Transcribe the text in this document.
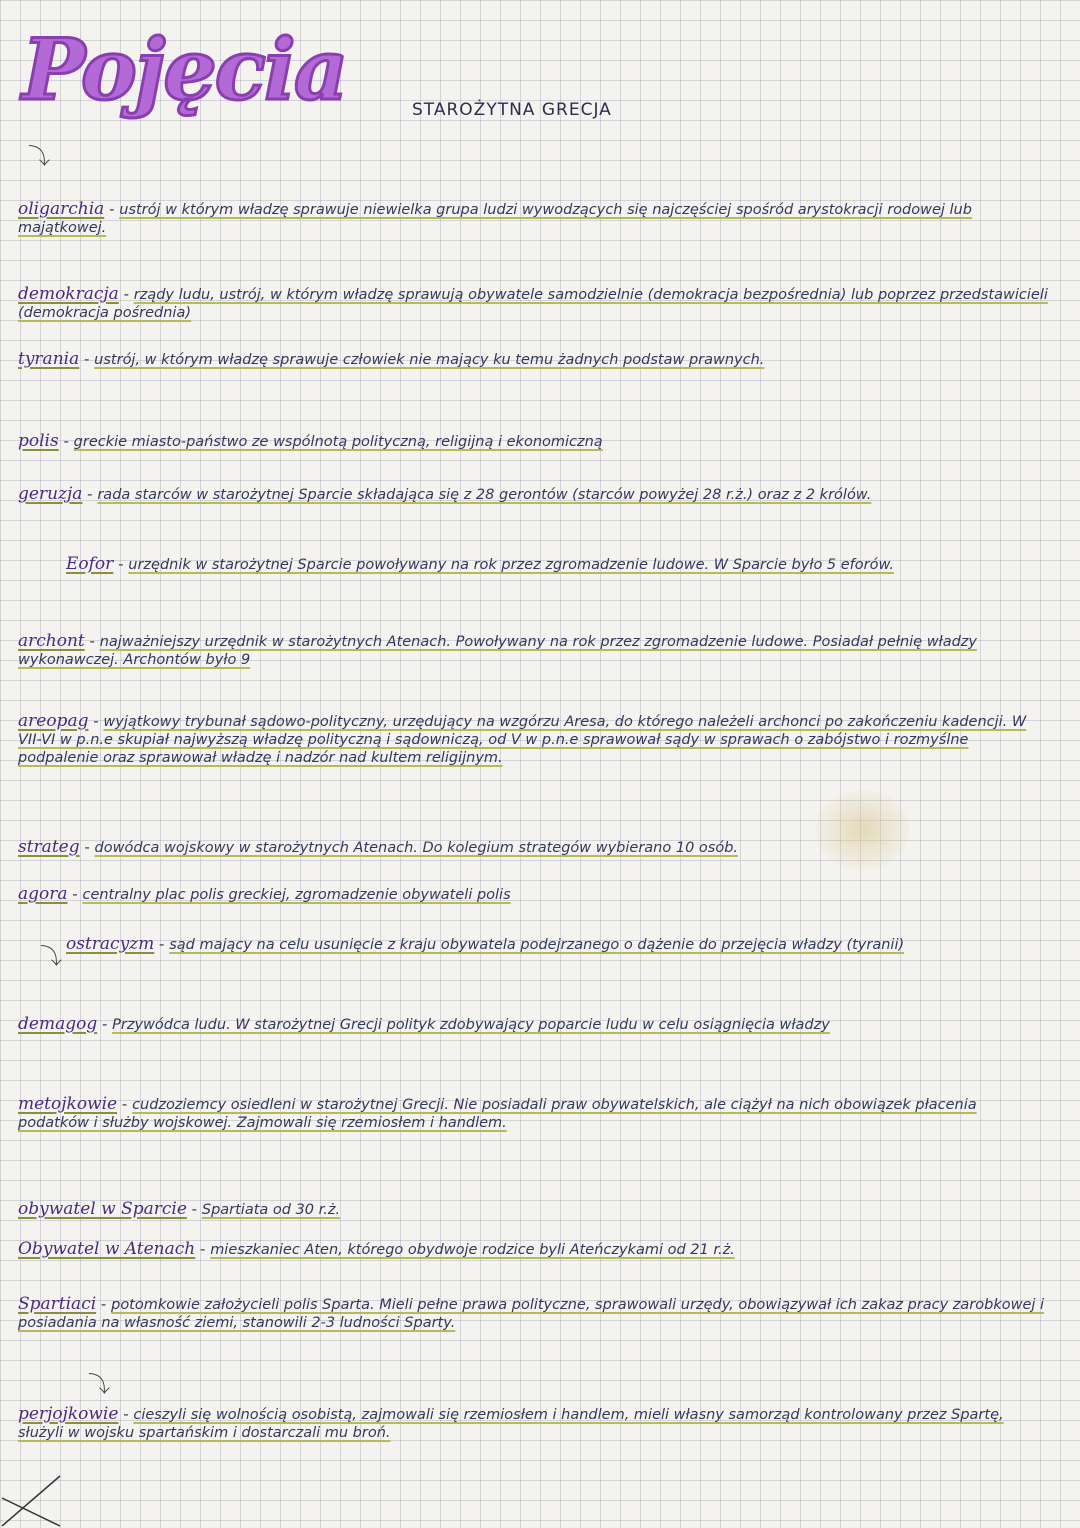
Pojęcia	STAROŻYTNA GRECJA
⤵
oligarchia - ustrój w którym władzę sprawuje niewielka grupa ludzi wywodzących się najczęściej spośród arystokracji rodowej lub majątkowej.
demokracja - rządy ludu, ustrój, w którym władzę sprawują obywatele samodzielnie (demokracja bezpośrednia) lub poprzez przedstawicieli (demokracja pośrednia)
tyrania - ustrój, w którym władzę sprawuje człowiek nie mający ku temu żadnych podstaw prawnych.
polis - greckie miasto-państwo ze wspólnotą polityczną, religijną i ekonomiczną
geruzja - rada starców w starożytnej Sparcie składająca się z 28 gerontów (starców powyżej 28 r.ż.) oraz z 2 królów.
Eofor - urzędnik w starożytnej Sparcie powoływany na rok przez zgromadzenie ludowe. W Sparcie było 5 eforów.
archont - najważniejszy urzędnik w starożytnych Atenach. Powoływany na rok przez zgromadzenie ludowe. Posiadał pełnię władzy wykonawczej. Archontów było 9
areopag - wyjątkowy trybunał sądowo-polityczny, urzędujący na wzgórzu Aresa, do którego należeli archonci po zakończeniu kadencji. W VII-VI w p.n.e skupiał najwyższą władzę polityczną i sądowniczą, od V w p.n.e sprawował sądy w sprawach o zabójstwo i rozmyślne podpalenie oraz sprawował władzę i nadzór nad kultem religijnym.
strateg - dowódca wojskowy w starożytnych Atenach. Do kolegium strategów wybierano 10 osób.
agora - centralny plac polis greckiej, zgromadzenie obywateli polis
⤵
ostracyzm - sąd mający na celu usunięcie z kraju obywatela podejrzanego o dążenie do przejęcia władzy (tyranii)
demagog - Przywódca ludu. W starożytnej Grecji polityk zdobywający poparcie ludu w celu osiągnięcia władzy
metojkowie - cudzoziemcy osiedleni w starożytnej Grecji. Nie posiadali praw obywatelskich, ale ciążył na nich obowiązek płacenia podatków i służby wojskowej. Zajmowali się rzemiosłem i handlem.
obywatel w Sparcie - Spartiata od 30 r.ż.
Obywatel w Atenach - mieszkaniec Aten, którego obydwoje rodzice byli Ateńczykami od 21 r.ż.
Spartiaci - potomkowie założycieli polis Sparta. Mieli pełne prawa polityczne, sprawowali urzędy, obowiązywał ich zakaz pracy zarobkowej i posiadania na własność ziemi, stanowili 2-3 ludności Sparty.
⤵
perjojkowie - cieszyli się wolnością osobistą, zajmowali się rzemiosłem i handlem, mieli własny samorząd kontrolowany przez Spartę, służyli w wojsku spartańskim i dostarczali mu broń.
